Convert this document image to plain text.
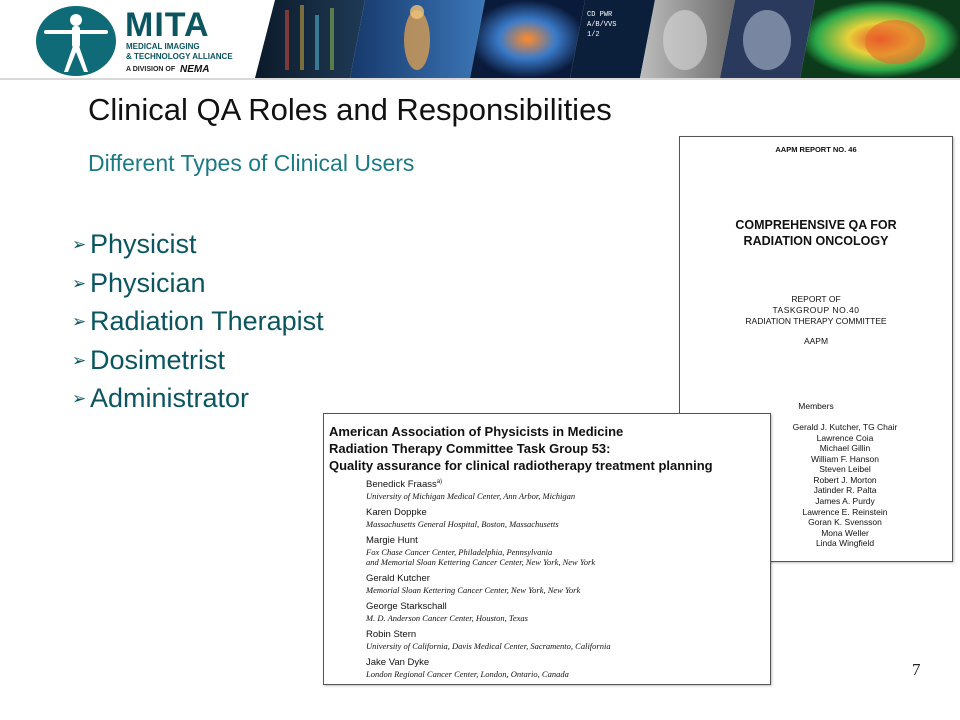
MITA
MEDICAL IMAGING
& TECHNOLOGY ALLIANCE
A DIVISION OF NEMA
CD PWR
A/B/VVS
1/2
Clinical QA Roles and Responsibilities
Different Types of Clinical Users
➢ Physicist
➢ Physician
➢ Radiation Therapist
➢ Dosimetrist
➢ Administrator
AAPM REPORT NO. 46
COMPREHENSIVE QA FOR
RADIATION ONCOLOGY
REPORT OF
TASKGROUP NO.40
RADIATION THERAPY COMMITTEE
AAPM
Members
Gerald J. Kutcher, TG Chair
Lawrence Coia
Michael Gillin
William F. Hanson
Steven Leibel
Robert J. Morton
Jatinder R. Palta
James A. Purdy
Lawrence E. Reinstein
Goran K. Svensson
Mona Weller
Linda Wingfield
American Association of Physicists in Medicine
Radiation Therapy Committee Task Group 53:
Quality assurance for clinical radiotherapy treatment planning
Benedick Fraass$^{a)}$
University of Michigan Medical Center, Ann Arbor, Michigan
Karen Doppke
Massachusetts General Hospital, Boston, Massachusetts
Margie Hunt
Fox Chase Cancer Center, Philadelphia, Pennsylvania
and Memorial Sloan Kettering Cancer Center, New York, New York
Gerald Kutcher
Memorial Sloan Kettering Cancer Center, New York, New York
George Starkschall
M. D. Anderson Cancer Center, Houston, Texas
Robin Stern
University of California, Davis Medical Center, Sacramento, California
Jake Van Dyke
London Regional Cancer Center, London, Ontario, Canada	7
